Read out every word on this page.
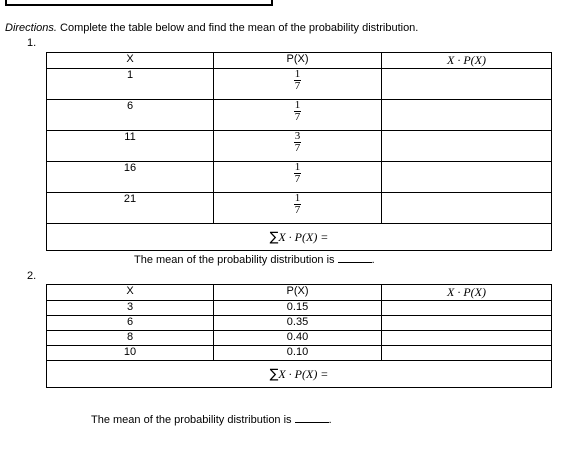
Directions. Complete the table below and find the mean of the probability distribution.
1.
X	P(X)	X · P(X)
1	$\frac{1}{7}$

6	$\frac{1}{7}$

11	$\frac{3}{7}$

16	$\frac{1}{7}$

21	$\frac{1}{7}$

∑X · P(X) =		
The mean of the probability distribution is	.
2.
X	P(X)	X · P(X)
3	0.15	
6	0.35	
8	0.40	
10	0.10	
∑X · P(X) =		
The mean of the probability distribution is	.
